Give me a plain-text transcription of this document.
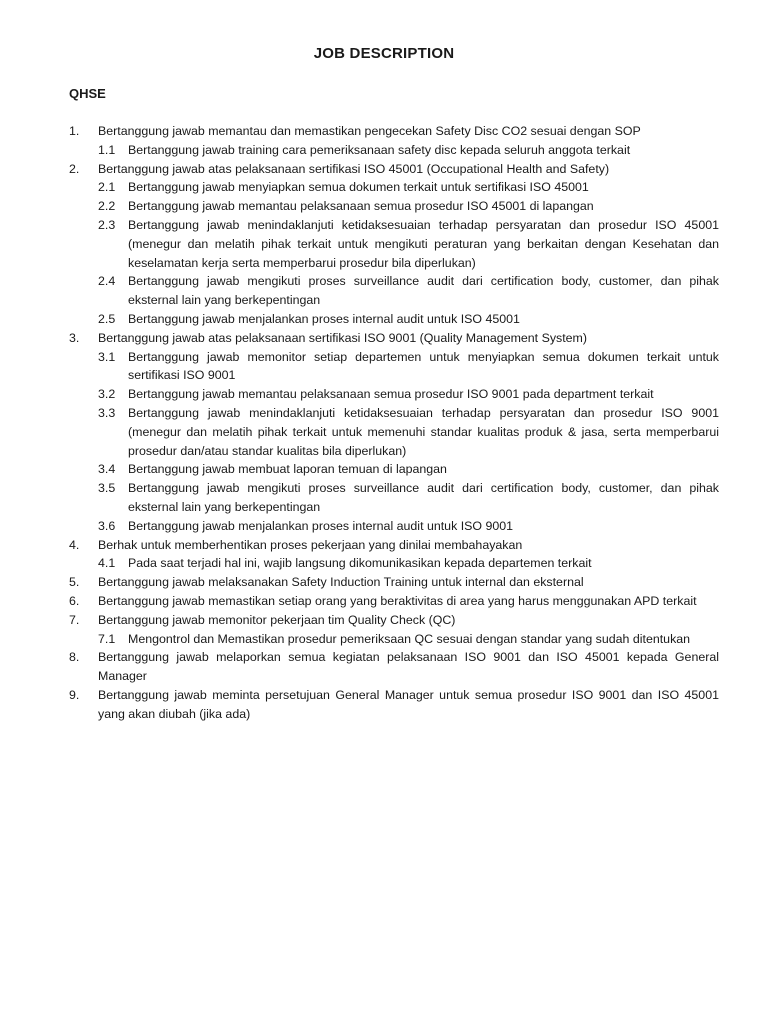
JOB DESCRIPTION
QHSE
1. Bertanggung jawab memantau dan memastikan pengecekan Safety Disc CO2 sesuai dengan SOP
1.1 Bertanggung jawab training cara pemeriksanaan safety disc kepada seluruh anggota terkait
2. Bertanggung jawab atas pelaksanaan sertifikasi ISO 45001 (Occupational Health and Safety)
2.1 Bertanggung jawab menyiapkan semua dokumen terkait untuk sertifikasi ISO 45001
2.2 Bertanggung jawab memantau pelaksanaan semua prosedur ISO 45001 di lapangan
2.3 Bertanggung jawab menindaklanjuti ketidaksesuaian terhadap persyaratan dan prosedur ISO 45001 (menegur dan melatih pihak terkait untuk mengikuti peraturan yang berkaitan dengan Kesehatan dan keselamatan kerja serta memperbarui prosedur bila diperlukan)
2.4 Bertanggung jawab mengikuti proses surveillance audit dari certification body, customer, dan pihak eksternal lain yang berkepentingan
2.5 Bertanggung jawab menjalankan proses internal audit untuk ISO 45001
3. Bertanggung jawab atas pelaksanaan sertifikasi ISO 9001 (Quality Management System)
3.1 Bertanggung jawab memonitor setiap departemen untuk menyiapkan semua dokumen terkait untuk sertifikasi ISO 9001
3.2 Bertanggung jawab memantau pelaksanaan semua prosedur ISO 9001 pada department terkait
3.3 Bertanggung jawab menindaklanjuti ketidaksesuaian terhadap persyaratan dan prosedur ISO 9001 (menegur dan melatih pihak terkait untuk memenuhi standar kualitas produk & jasa, serta memperbarui prosedur dan/atau standar kualitas bila diperlukan)
3.4 Bertanggung jawab membuat laporan temuan di lapangan
3.5 Bertanggung jawab mengikuti proses surveillance audit dari certification body, customer, dan pihak eksternal lain yang berkepentingan
3.6 Bertanggung jawab menjalankan proses internal audit untuk ISO 9001
4. Berhak untuk memberhentikan proses pekerjaan yang dinilai membahayakan
4.1 Pada saat terjadi hal ini, wajib langsung dikomunikasikan kepada departemen terkait
5. Bertanggung jawab melaksanakan Safety Induction Training untuk internal dan eksternal
6. Bertanggung jawab memastikan setiap orang yang beraktivitas di area yang harus menggunakan APD terkait
7. Bertanggung jawab memonitor pekerjaan tim Quality Check (QC)
7.1 Mengontrol dan Memastikan prosedur pemeriksaan QC sesuai dengan standar yang sudah ditentukan
8. Bertanggung jawab melaporkan semua kegiatan pelaksanaan ISO 9001 dan ISO 45001 kepada General Manager
9. Bertanggung jawab meminta persetujuan General Manager untuk semua prosedur ISO 9001 dan ISO 45001 yang akan diubah (jika ada)
